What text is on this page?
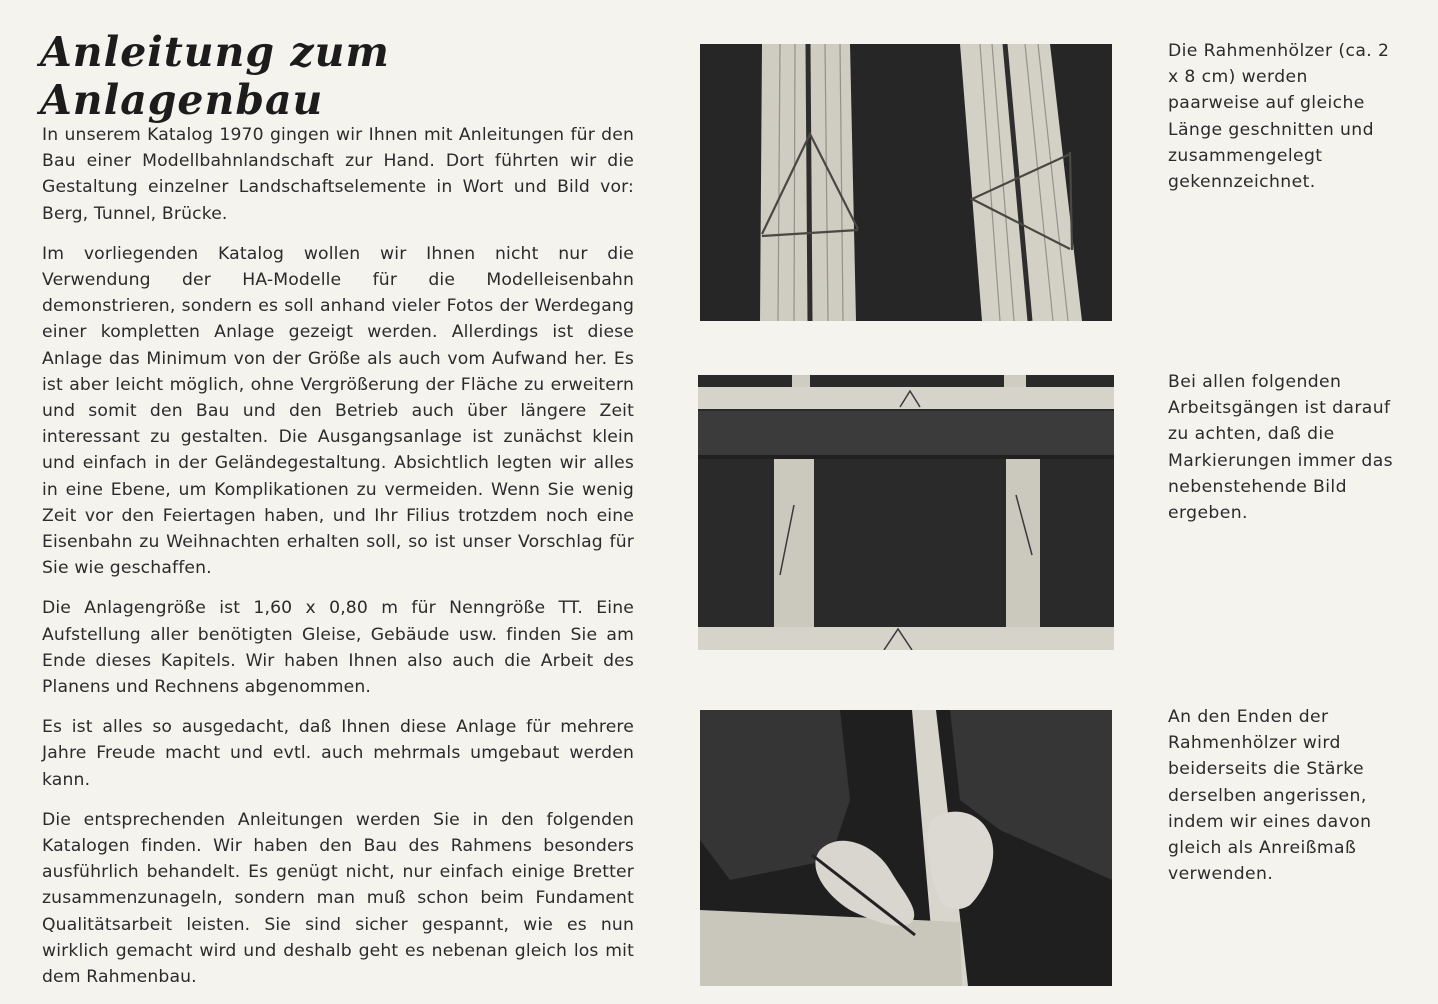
Anleitung zum Anlagenbau

In unserem Katalog 1970 gingen wir Ihnen mit Anleitungen für den Bau einer Modellbahnlandschaft zur Hand. Dort führten wir die Gestaltung einzelner Landschaftselemente in Wort und Bild vor: Berg, Tunnel, Brücke.

Im vorliegenden Katalog wollen wir Ihnen nicht nur die Verwendung der HA-Modelle für die Modelleisenbahn demonstrieren, sondern es soll anhand vieler Fotos der Werdegang einer kompletten Anlage gezeigt werden. Allerdings ist diese Anlage das Minimum von der Größe als auch vom Aufwand her. Es ist aber leicht möglich, ohne Vergrößerung der Fläche zu erweitern und somit den Bau und den Betrieb auch über längere Zeit interessant zu gestalten. Die Ausgangsanlage ist zunächst klein und einfach in der Geländegestaltung. Absichtlich legten wir alles in eine Ebene, um Komplikationen zu vermeiden. Wenn Sie wenig Zeit vor den Feiertagen haben, und Ihr Filius trotzdem noch eine Eisenbahn zu Weihnachten erhalten soll, so ist unser Vorschlag für Sie wie geschaffen.

Die Anlagengröße ist 1,60 x 0,80 m für Nenngröße TT. Eine Aufstellung aller benötigten Gleise, Gebäude usw. finden Sie am Ende dieses Kapitels. Wir haben Ihnen also auch die Arbeit des Planens und Rechnens abgenommen.

Es ist alles so ausgedacht, daß Ihnen diese Anlage für mehrere Jahre Freude macht und evtl. auch mehrmals umgebaut werden kann.

Die entsprechenden Anleitungen werden Sie in den folgenden Katalogen finden. Wir haben den Bau des Rahmens besonders ausführlich behandelt. Es genügt nicht, nur einfach einige Bretter zusammenzunageln, sondern man muß schon beim Fundament Qualitätsarbeit leisten. Sie sind sicher gespannt, wie es nun wirklich gemacht wird und deshalb geht es nebenan gleich los mit dem Rahmenbau.

Die Rahmenhölzer (ca. 2 x 8 cm) werden paarweise auf gleiche Länge geschnitten und zusammengelegt gekennzeichnet.

Bei allen folgenden Arbeitsgängen ist darauf zu achten, daß die Markierungen immer das nebenstehende Bild ergeben.

An den Enden der Rahmenhölzer wird beiderseits die Stärke derselben angerissen, indem wir eines davon gleich als Anreißmaß verwenden.
